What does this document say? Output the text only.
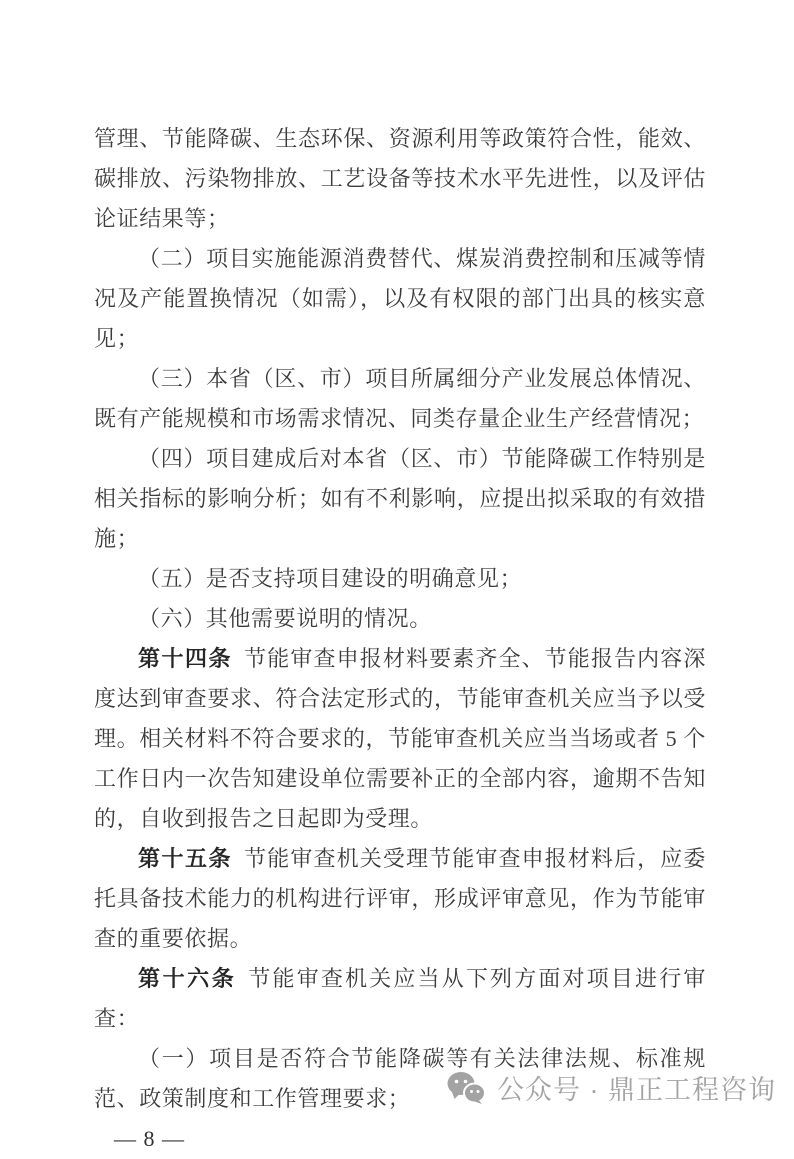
管理、节能降碳、生态环保、资源利用等政策符合性，能效、碳排放、污染物排放、工艺设备等技术水平先进性，以及评估论证结果等；

（二）项目实施能源消费替代、煤炭消费控制和压减等情况及产能置换情况（如需），以及有权限的部门出具的核实意见；

（三）本省（区、市）项目所属细分产业发展总体情况、既有产能规模和市场需求情况、同类存量企业生产经营情况；

（四）项目建成后对本省（区、市）节能降碳工作特别是相关指标的影响分析；如有不利影响，应提出拟采取的有效措施；

（五）是否支持项目建设的明确意见；

（六）其他需要说明的情况。

第十四条 节能审查申报材料要素齐全、节能报告内容深度达到审查要求、符合法定形式的，节能审查机关应当予以受理。相关材料不符合要求的，节能审查机关应当当场或者 5 个工作日内一次告知建设单位需要补正的全部内容，逾期不告知的，自收到报告之日起即为受理。

第十五条 节能审查机关受理节能审查申报材料后，应委托具备技术能力的机构进行评审，形成评审意见，作为节能审查的重要依据。

第十六条 节能审查机关应当从下列方面对项目进行审查：

（一）项目是否符合节能降碳等有关法律法规、标准规范、政策制度和工作管理要求；

— 8 —
公众号 · 鼎正工程咨询
